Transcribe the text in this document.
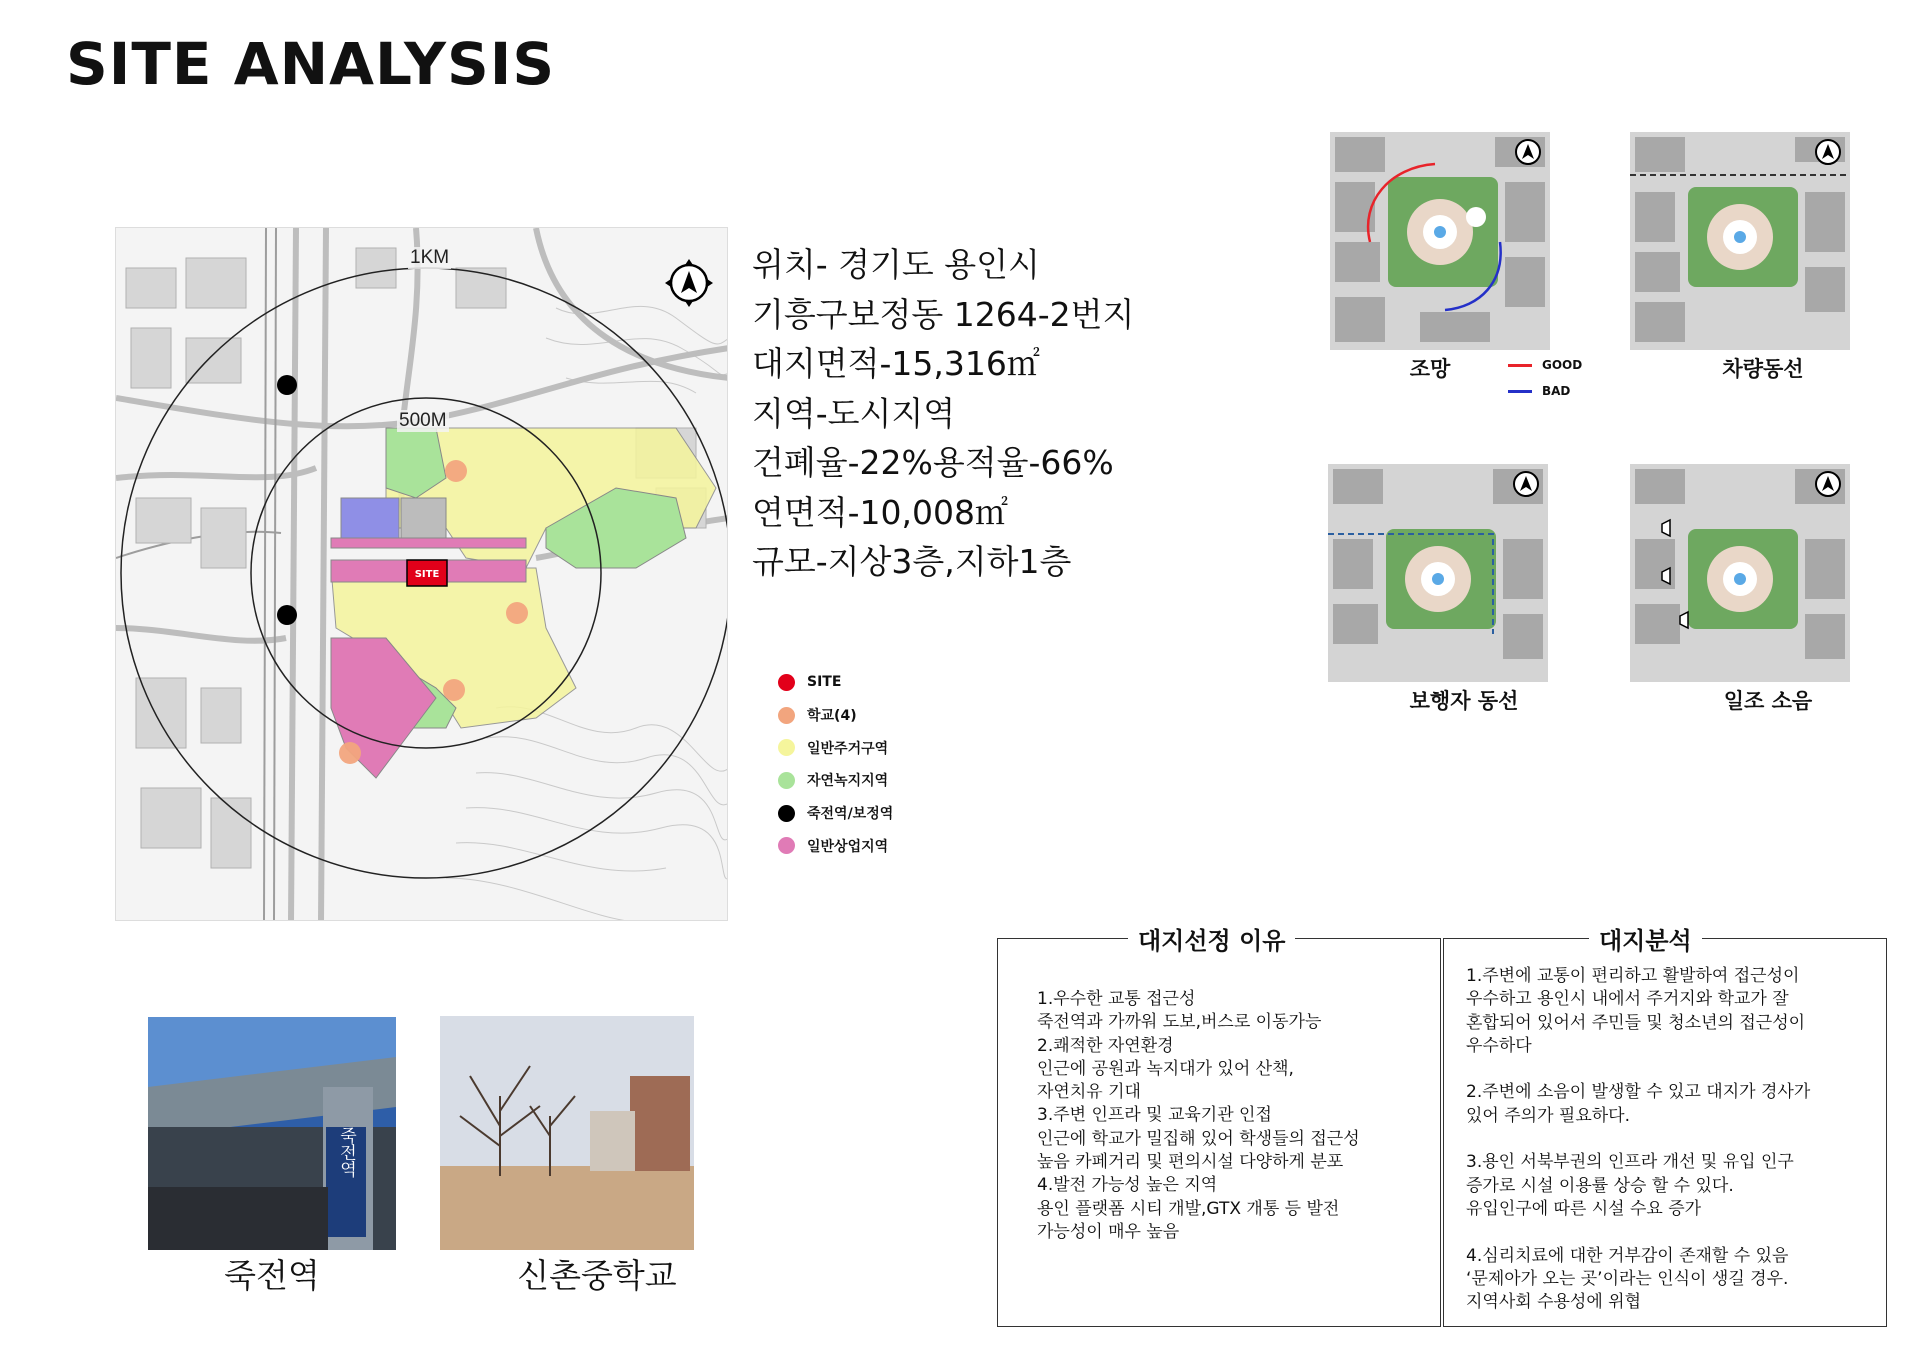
SITE ANALYSIS
SITE
1KM
500M
위치- 경기도 용인시
기흥구보정동 1264-2번지
대지면적-15,316㎡
지역-도시지역
건폐율-22%용적율-66%
연면적-10,008㎡
규모-지상3층,지하1층
SITE
학교(4)
일반주거구역
자연녹지지역
죽전역/보정역
일반상업지역
조망	GOOD
BAD
차량동선
보행자 동선	일조 소음
죽전역
죽전역	신촌중학교
대지선정 이유
1.우수한 교통 접근성
죽전역과 가까워 도보,버스로 이동가능
2.쾌적한 자연환경
인근에 공원과 녹지대가 있어 산책,
자연치유 기대
3.주변 인프라 및 교육기관 인접
인근에 학교가 밀집해 있어 학생들의 접근성
높음 카페거리 및 편의시설 다양하게 분포
4.발전 가능성 높은 지역
용인 플랫폼 시티 개발,GTX 개통 등 발전
가능성이 매우 높음
대지분석
1.주변에 교통이 편리하고 활발하여 접근성이
우수하고 용인시 내에서 주거지와 학교가 잘
혼합되어 있어서 주민들 및 청소년의 접근성이
우수하다

2.주변에 소음이 발생할 수 있고 대지가 경사가
있어 주의가 필요하다.

3.용인 서북부권의 인프라 개선 및 유입 인구
증가로 시설 이용률 상승 할 수 있다.
유입인구에 따른 시설 수요 증가

4.심리치료에 대한 거부감이 존재할 수 있음
‘문제아가 오는 곳’이라는 인식이 생길 경우.
지역사회 수용성에 위협
